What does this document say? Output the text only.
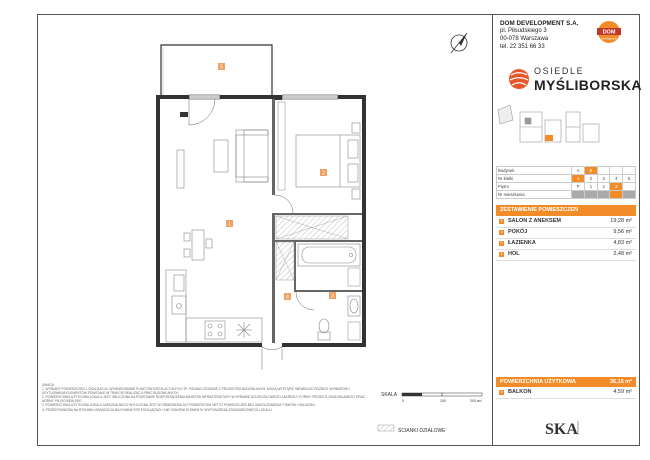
5
1
2
3
4
0	100	200 cm
DOM DEVELOPMENT S.A.
pl. Piłsudskiego 3
00-078 Warszawa
tel. 22 351 66 33
DOM
development
OSIEDLE
MYŚLIBORSKA
Budynek	A	B			
Nr klatki	1	2	3	4	5
Piętro	P	1	2	3	
Nr mieszkania					
ZESTAWIENIE POMIESZCZEŃ
1 SALON Z ANEKSEM	19,28 m²
2 POKÓJ	9,56 m²
3 ŁAZIENKA	4,83 m²
4 HOL	2,48 m²
POWIERZCHNIA UŻYTKOWA	36,15 m²
5 BALKON	4,59 m²
SKALA
ŚCIANKI DZIAŁOWE
UWAGA:
1. WYMIARY POMIESZCZEŃ, LOKALIZACJA, WYMIAROWANIE PUNKTÓW INSTALACYJNYCH ITP. PODANO ZGODNIE Z PROJEKTEM BUDOWLANYM. MOGĄ WYSTĄPIĆ NIEWIELKIE RÓŻNICE WYMIARÓW I USYTUOWANIA ELEMENTÓW POWSTAŁE W TRAKCIE REALIZACJI PRAC BUDOWLANYCH.
2. POWIERZCHNIA UŻYTKOWA LOKALU JEST OBLICZONA NA PODSTAWIE ROZPORZĄDZENIA MINISTRA INFRASTRUKTURY W SPRAWIE SZCZEGÓŁOWEGO ZAKRESU I FORMY PROJEKTU BUDOWLANEGO ORAZ NORMY PN-ISO 9836:1997.
3. POWIERZCHNIA UŻYTKOWA LOKALU MIESZKALNEGO WYLICZONA JEST W ODNIESIENIU DO POWIERZCHNI NETTO POMIESZCZEŃ BEZ UWZGLĘDNIENIA TYNKÓW I OKŁADZIN.
4. PRZEDSTAWIONA NA RYSUNKU ARANŻACJA MA CHARAKTER POGLĄDOWY I NIE STANOWI ELEMENTU WYPOSAŻENIA STANDARDOWEGO LOKALU.
SKA
